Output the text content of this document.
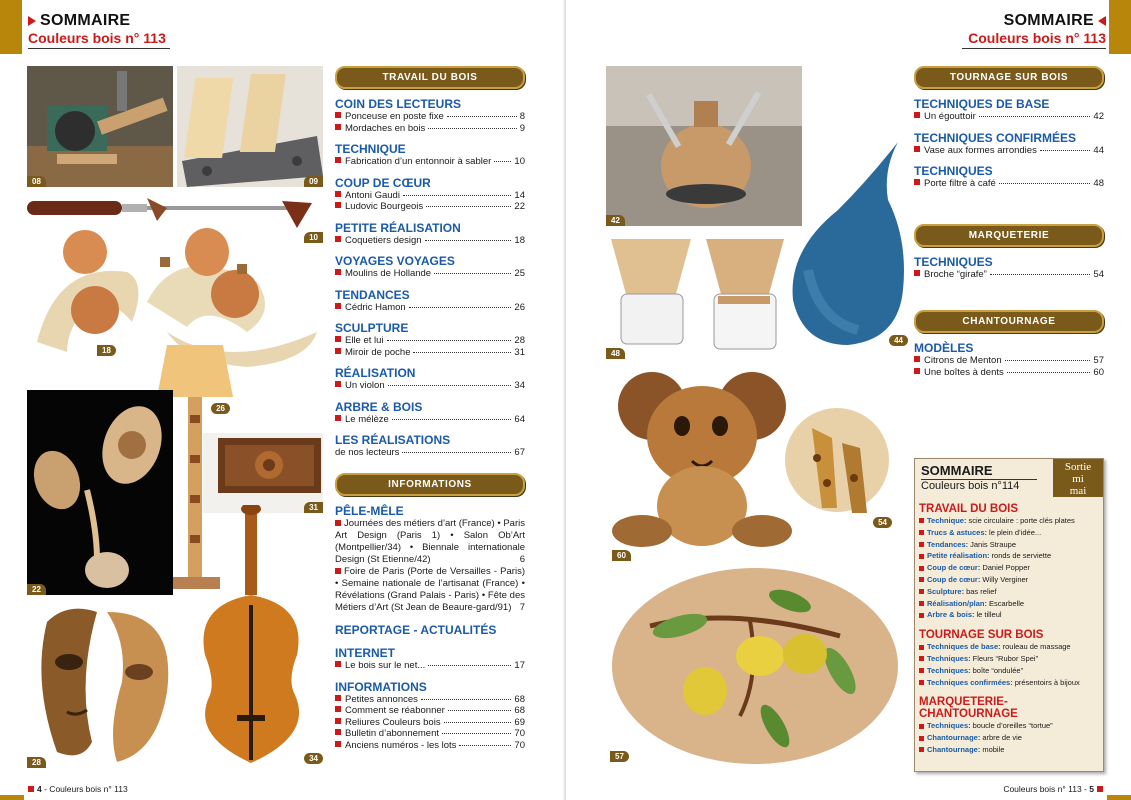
SOMMAIRE
Couleurs bois n° 113
08	09
10
18
26
22
31
28	34
TRAVAIL DU BOIS
COIN DES LECTEURS
Ponceuse en poste fixe	8
Mordaches en bois	9
TECHNIQUE
Fabrication d’un entonnoir à sabler 10
COUP DE CŒUR
Antoni Gaudi	14
Ludovic Bourgeois	22
PETITE RÉALISATION
Coquetiers design	18
VOYAGES VOYAGES
Moulins de Hollande	25
TENDANCES
Cédric Hamon	26
SCULPTURE
Elle et lui	28
Miroir de poche	31
RÉALISATION
Un violon	34
ARBRE & BOIS
Le mélèze	64
LES RÉALISATIONS
de nos lecteurs	67
INFORMATIONS
PÊLE-MÊLE
Journées des métiers d’art (France) • Paris Art Design (Paris 1) • Salon Ob’Art (Montpellier/34) • Biennale internationale Design (St Etienne/42)	6
Foire de Paris (Porte de Versailles - Paris) • Semaine nationale de l’artisanat (France) • Révélations (Grand Palais - Paris) • Fête des Métiers d’Art (St Jean de Beaure-gard/91) 7
REPORTAGE - ACTUALITÉS
INTERNET
Le bois sur le net...	17
INFORMATIONS
Petites annonces	68
Comment se réabonner	68
Reliures Couleurs bois	69
Bulletin d’abonnement	70
Anciens numéros - les lots	70
4 - Couleurs bois n° 113
SOMMAIRE
Couleurs bois n° 113
42
44
48
60
54
57
TOURNAGE SUR BOIS
TECHNIQUES DE BASE
Un égouttoir	42
TECHNIQUES CONFIRMÉES
Vase aux formes arrondies	44
TECHNIQUES
Porte filtre à café	48
MARQUETERIE
TECHNIQUES
Broche “girafe”	54
CHANTOURNAGE
MODÈLES
Citrons de Menton	57
Une boîtes à dents	60
SOMMAIRE
Couleurs bois n°114
Sortie
mi
mai
TRAVAIL DU BOIS
Technique: scie circulaire : porte clés plates
Trucs & astuces: le plein d’idée...
Tendances: Janis Straupe
Petite réalisation: ronds de serviette
Coup de cœur: Daniel Popper
Coup de cœur: Willy Verginer
Sculpture: bas relief
Réalisation/plan: Escarbelle
Arbre & bois: le tilleul
TOURNAGE SUR BOIS
Techniques de base: rouleau de massage
Techniques: Fleurs “Rubor Spei”
Techniques: boîte “ondulée”
Techniques confirmées: présentoirs à bijoux
MARQUETERIE-CHANTOURNAGE
Techniques: boucle d’oreilles “tortue”
Chantournage: arbre de vie
Chantournage: mobile
Couleurs bois n° 113 - 5
